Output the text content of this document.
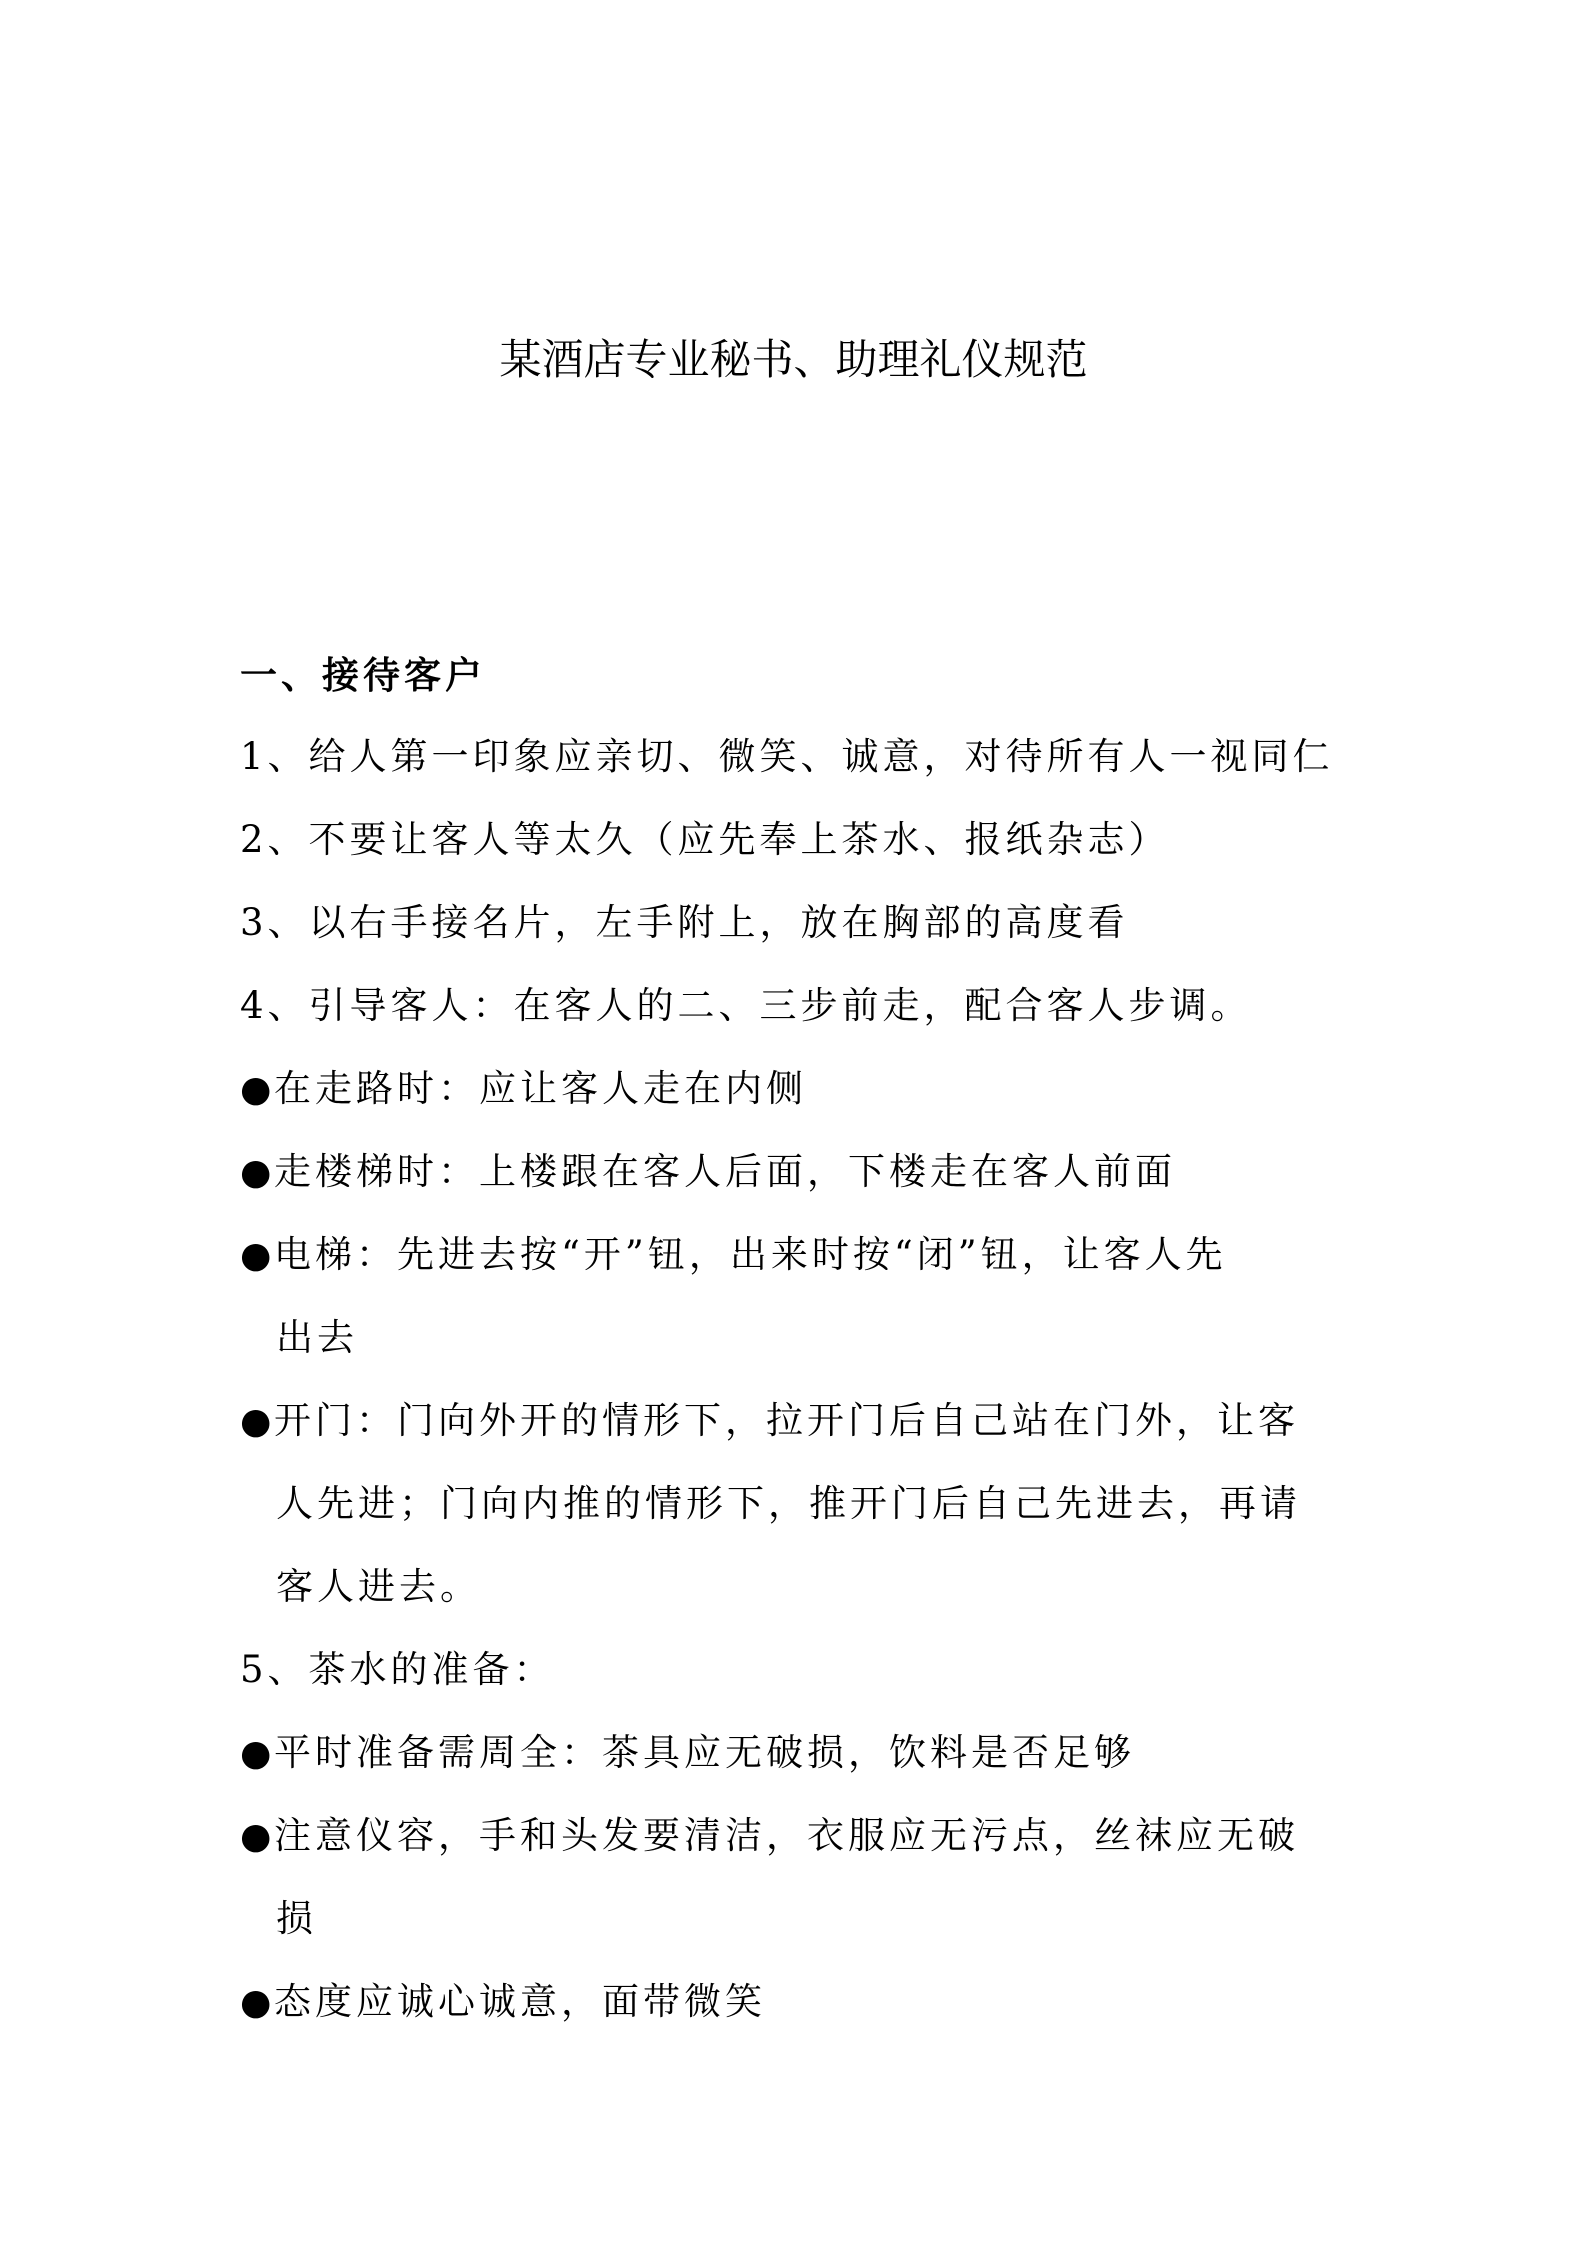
某酒店专业秘书、助理礼仪规范
一、接待客户
1、给人第一印象应亲切、微笑、诚意，对待所有人一视同仁
2、不要让客人等太久（应先奉上茶水、报纸杂志）
3、以右手接名片，左手附上，放在胸部的高度看
4、引导客人：在客人的二、三步前走，配合客人步调。
●在走路时：应让客人走在内侧
●走楼梯时：上楼跟在客人后面，下楼走在客人前面
●电梯：先进去按“开”钮，出来时按“闭”钮，让客人先
出去
●开门：门向外开的情形下，拉开门后自己站在门外，让客
人先进；门向内推的情形下，推开门后自己先进去，再请
客人进去。
5、茶水的准备：
●平时准备需周全：茶具应无破损，饮料是否足够
●注意仪容，手和头发要清洁，衣服应无污点，丝袜应无破
损
●态度应诚心诚意，面带微笑
